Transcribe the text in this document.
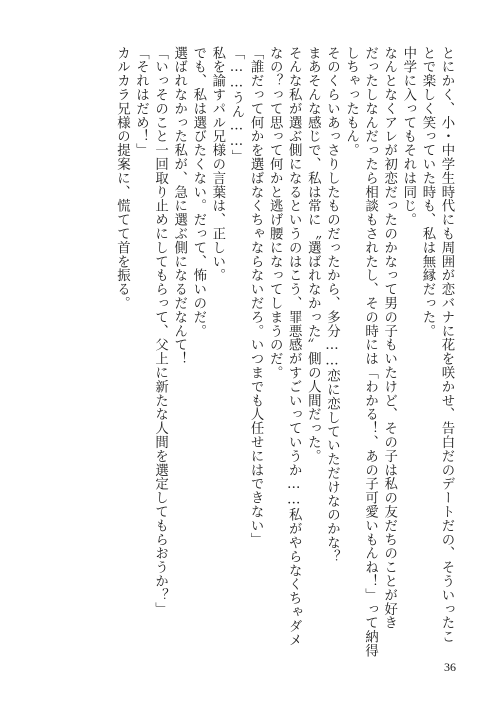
とにかく、小・中学生時代にも周囲が恋バナに花を咲かせ、告白だのデートだの、そういったこ

とで楽しく笑っていた時も、私は無縁だった。

中学に入ってもそれは同じ。

なんとなくアレが初恋だったのかなって男の子もいたけど、その子は私の友だちのことが好き

だったしなんだったら相談もされたし、その時には「わかる！、あの子可愛いもんね！」って納得

しちゃったもん。

そのくらいあっさりしたものだったから、多分……恋に恋していただけなのかな？

まあそんな感じで、私は常に〝選ばれなかった〟側の人間だった。

そんな私が選ぶ側になるというのはこう、罪悪感がすごいっていうか……私がやらなくちゃダメ

なの？って思って何かと逃げ腰になってしまうのだ。

「誰だって何かを選ばなくちゃならないだろ。いつまでも人任せにはできない」

「……うん……」

私を諭すパル兄様の言葉は、正しい。

でも、私は選びたくない。だって、怖いのだ。

選ばれなかった私が、急に選ぶ側になるだなんて！

「いっそのこと一回取り止めにしてもらって、父上に新たな人間を選定してもらおうか？」

「それはだめ！」

カルカラ兄様の提案に、慌てて首を振る。

36
